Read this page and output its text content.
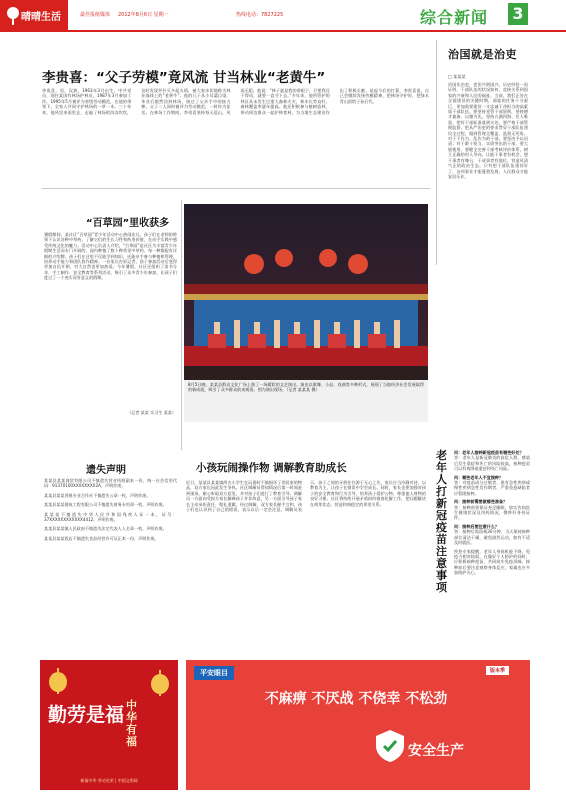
晴晴生活	最佳报纸媒体 2012年8月6日 星期一	热线电话：7827225	综合新闻 3
李贵喜：“父子劳模”竟风流 甘当林业“老黄牛”
李贵喜，男，汉族，1963年3月出生，中共党员，现任某国有林场护林员，1987年3月参加工作。1995年5月被评为省级劳动模范，在他的带领下，全家人共同守护林场的一草一木。三十年来，他风里来雨里去，走遍了林场的沟沟坎坎，及时发现并扑灭多起火情，被大家亲切地称为林业战线上的“老黄牛”。他的儿子从小耳濡目染，毕业后毅然回到林场，接过了父亲手中的接力棒，父子二人同时被评为劳动模范，一时传为佳话。在林场工作期间，李贵喜坚持每天巡山，风雨无阻，他说：“林子就是我的命根子，只要我还干得动，就要一直守下去。”多年来，他所管护的林区从未发生过重大森林火灾，林木长势良好，森林覆盖率逐年提高。他还积极参与植树造林，带动周边群众一起护林育林，为当地生态建设作出了积极贡献。谈起今后的打算，李贵喜说，自己会继续发扬劳模精神，把林场守护好，把绿水青山留给子孙后代。
治国就是治吏
□ 某某某
治国先治吏，吏治兴则国兴。历史经验一再证明，干部队伍的状况如何，直接关系到国家的兴衰和人民的福祉。当前，我们正处在全面建设的关键时期，面临的任务十分艰巨，更加需要建设一支忠诚干净担当的高素质干部队伍。要坚持党管干部原则，坚持德才兼备、以德为先，坚持五湖四海、任人唯贤，把好干部标准落到实处。要严格干部管理监督，把从严治吏的要求贯穿干部队伍建设全过程，做到管理全覆盖、监督无死角。对于不作为、乱作为的干部，要坚决予以问责；对于敢于担当、实绩突出的干部，要大胆使用。要健全完善干部考核评价体系，树立正确的用人导向，让能干事者有机会，想干事者有舞台，干成事者有地位，营造风清气正的政治生态。只有把干部队伍建设好了，各项事业才能蓬勃发展，人民群众才能安居乐业。
“百草园”里收获多
暑假期间，某社区“百草园”青少年活动中心热闹非凡。孩子们在老师的带领下认识各种中草药，了解它们的生长习性和药用价值，在动手实践中感受传统文化的魅力。活动中心负责人介绍，“百草园”是社区为丰富青少年假期生活而专门开辟的，园内种植了数十种常见中草药，每一种都配有详细的介绍牌。孩子们在这里不仅能学到知识，还能亲手参与种植和管理，培养动手能力和团队协作精神。一位家长告诉记者，孩子参加活动后变得更加自信开朗，对大自然也更加热爱。今年暑假，社区还组织了读书分享、手工制作、安全教育等系列活动，吸引了众多青少年参加，让孩子们度过了一个充实而有意义的假期。
（记者 某某 实习生 某某）
8月5日晚，某某县群众文化广场上演了一场精彩的文艺演出。演出以歌舞、小品、戏曲等多种形式，展现了当地经济社会发展取得的新成就，吸引了众多群众前来观看。图为演出现场。（记者 某某某 摄）
小孩玩闹操作物 调解教育助成长
近日，某某县某某镇两名小学生在玩耍时不慎损坏了邻居家的物品，双方家长因此发生争执。社区调解员得知情况后第一时间赶到现场，耐心听取双方意见，并对孩子们进行了教育引导。调解员一方面向受损方家长解释孩子并非故意，另一方面引导孩子家长主动承担责任、赔礼道歉。经过调解，双方家长握手言和，孩子们也认识到了自己的错误，表示以后一定会注意。调解员表示，孩子之间的矛盾往往源于无心之失，家长应当冷静对待，以教育为主，让孩子在错误中学会成长。同时，家长也要加强对孩子的安全教育和行为引导，培养孩子爱护公物、尊重他人财物的良好习惯。社区将持续开展矛盾纠纷排查化解工作，把问题解决在萌芽状态，营造和谐稳定的邻里关系。
遗失声明
某某县某某商贸有限公司不慎遗失营业执照副本一份，统一社会信用代码：91370100XXXXXXXX2A，声明作废。
某某县某某养殖专业合作社不慎遗失公章一枚，声明作废。
某某县某某建筑工程有限公司不慎遗失财务专用章一枚，声明作废。
某某某不慎遗失中华人民共和国残疾人证一本，证号：37XXXXXXXXXXXX4412，声明作废。
某某县某某镇人民政府不慎遗失法定代表人人名章一枚，声明作废。
某某县某某饭店不慎遗失食品经营许可证正本一份，声明作废。
老年人打新冠疫苗注意事项
问：老年人接种新冠疫苗有哪些好处？
答：老年人是新冠肺炎的高危人群，感染后发生重症和死亡的风险较高，接种疫苗可以有效降低重症和死亡风险。
问：哪些老年人不宜接种？
答：对疫苗成分过敏者、患有急性疾病或慢性疾病急性发作期者、严重免疫缺陷者应暂缓接种。
问：接种前需要做哪些准备？
答：接种前要保证充足睡眠，如实告知医生健康状况及用药情况，携带好身份证件。
问：接种后要注意什么？
答：接种后需留观30分钟，当天保持接种部位清洁干燥，避免剧烈运动，如有不适及时就医。
疾控专家提醒，老年人身体机能下降，免疫力相对较弱，在做好个人防护的同时，应积极接种疫苗，共同筑牢免疫屏障。接种前后要注意观察身体反应，家属也应多加陪护关心。
中华有福
勤劳是福
新福中华 劳动光荣 | 中国文明网
平安眼目
不麻痹 不厌战 不侥幸 不松劲
安全生产
版本季
